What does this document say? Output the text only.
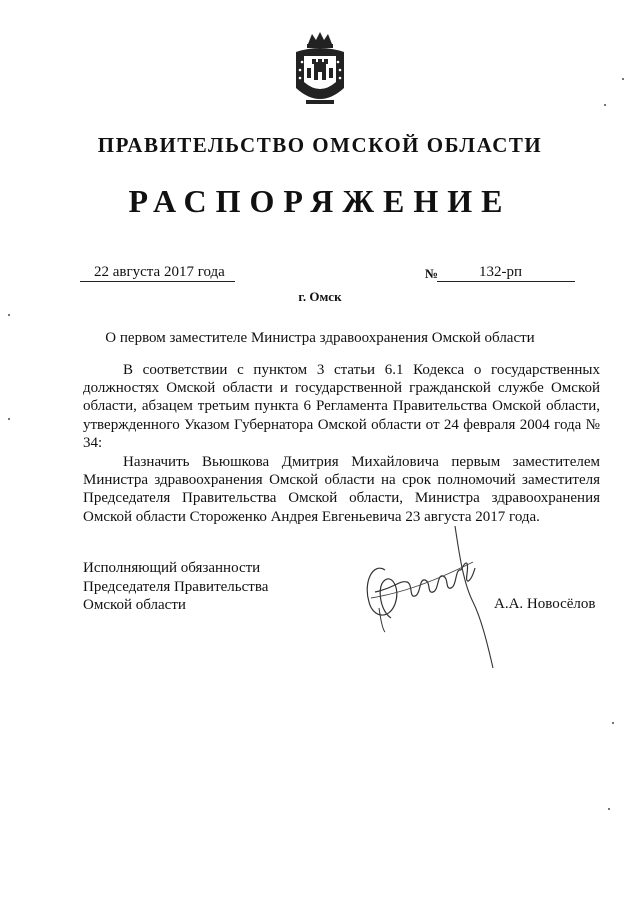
ПРАВИТЕЛЬСТВО ОМСКОЙ ОБЛАСТИ
РАСПОРЯЖЕНИЕ
22 августа 2017 года	№	132-рп
г. Омск
О первом заместителе Министра здравоохранения Омской области

В соответствии с пунктом 3 статьи 6.1 Кодекса о государственных должностях Омской области и государственной гражданской службе Омской области, абзацем третьим пункта 6 Регламента Правительства Омской области, утвержденного Указом Губернатора Омской области от 24 февраля 2004 года № 34:

Назначить Вьюшкова Дмитрия Михайловича первым заместителем Министра здравоохранения Омской области на срок полномочий заместителя Председателя Правительства Омской области, Министра здравоохранения Омской области Стороженко Андрея Евгеньевича 23 августа 2017 года.

Исполняющий обязанности
Председателя Правительства
Омской области	А.А. Новосёлов
